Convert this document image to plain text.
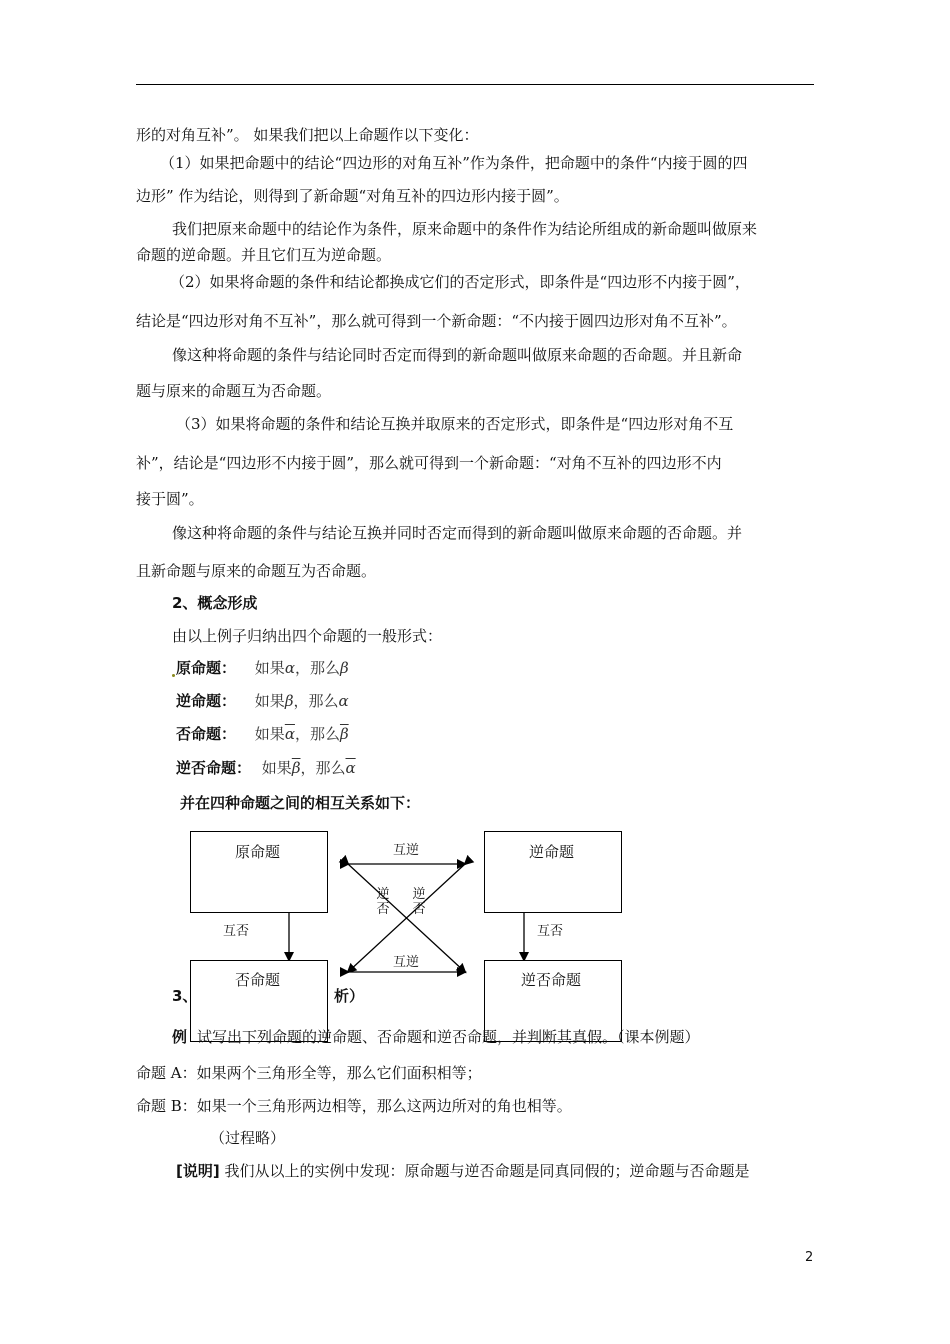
形的对角互补”。 如果我们把以上命题作以下变化：
（1）如果把命题中的结论“四边形的对角互补”作为条件，把命题中的条件“内接于圆的四
边形” 作为结论，则得到了新命题“对角互补的四边形内接于圆”。
我们把原来命题中的结论作为条件，原来命题中的条件作为结论所组成的新命题叫做原来
命题的逆命题。并且它们互为逆命题。
（2）如果将命题的条件和结论都换成它们的否定形式，即条件是“四边形不内接于圆”，
结论是“四边形对角不互补”，那么就可得到一个新命题：“不内接于圆四边形对角不互补”。
像这种将命题的条件与结论同时否定而得到的新命题叫做原来命题的否命题。并且新命
题与原来的命题互为否命题。
（3）如果将命题的条件和结论互换并取原来的否定形式，即条件是“四边形对角不互
补”，结论是“四边形不内接于圆”，那么就可得到一个新命题：“对角不互补的四边形不内
接于圆”。
像这种将命题的条件与结论互换并同时否定而得到的新命题叫做原来命题的否命题。并
且新命题与原来的命题互为否命题。
2、概念形成
由以上例子归纳出四个命题的一般形式：
原命题： 如果α，那么β
逆命题： 如果β，那么α
否命题： 如果$\overline{\alpha}$，那么$\overline{\beta}$
逆否命题： 如果$\overline{\beta}$，那么$\overline{\alpha}$
并在四种命题之间的相互关系如下：
原命题	逆命题
否命题	逆否命题
互逆
互逆
互否	互否
逆
否
逆
否
3、	析）
例 试写出下列命题的逆命题、否命题和逆否命题，并判断其真假。（课本例题）
命题 A：如果两个三角形全等，那么它们面积相等；
命题 B：如果一个三角形两边相等，那么这两边所对的角也相等。
（过程略）
[说明] 我们从以上的实例中发现：原命题与逆否命题是同真同假的；逆命题与否命题是
2
